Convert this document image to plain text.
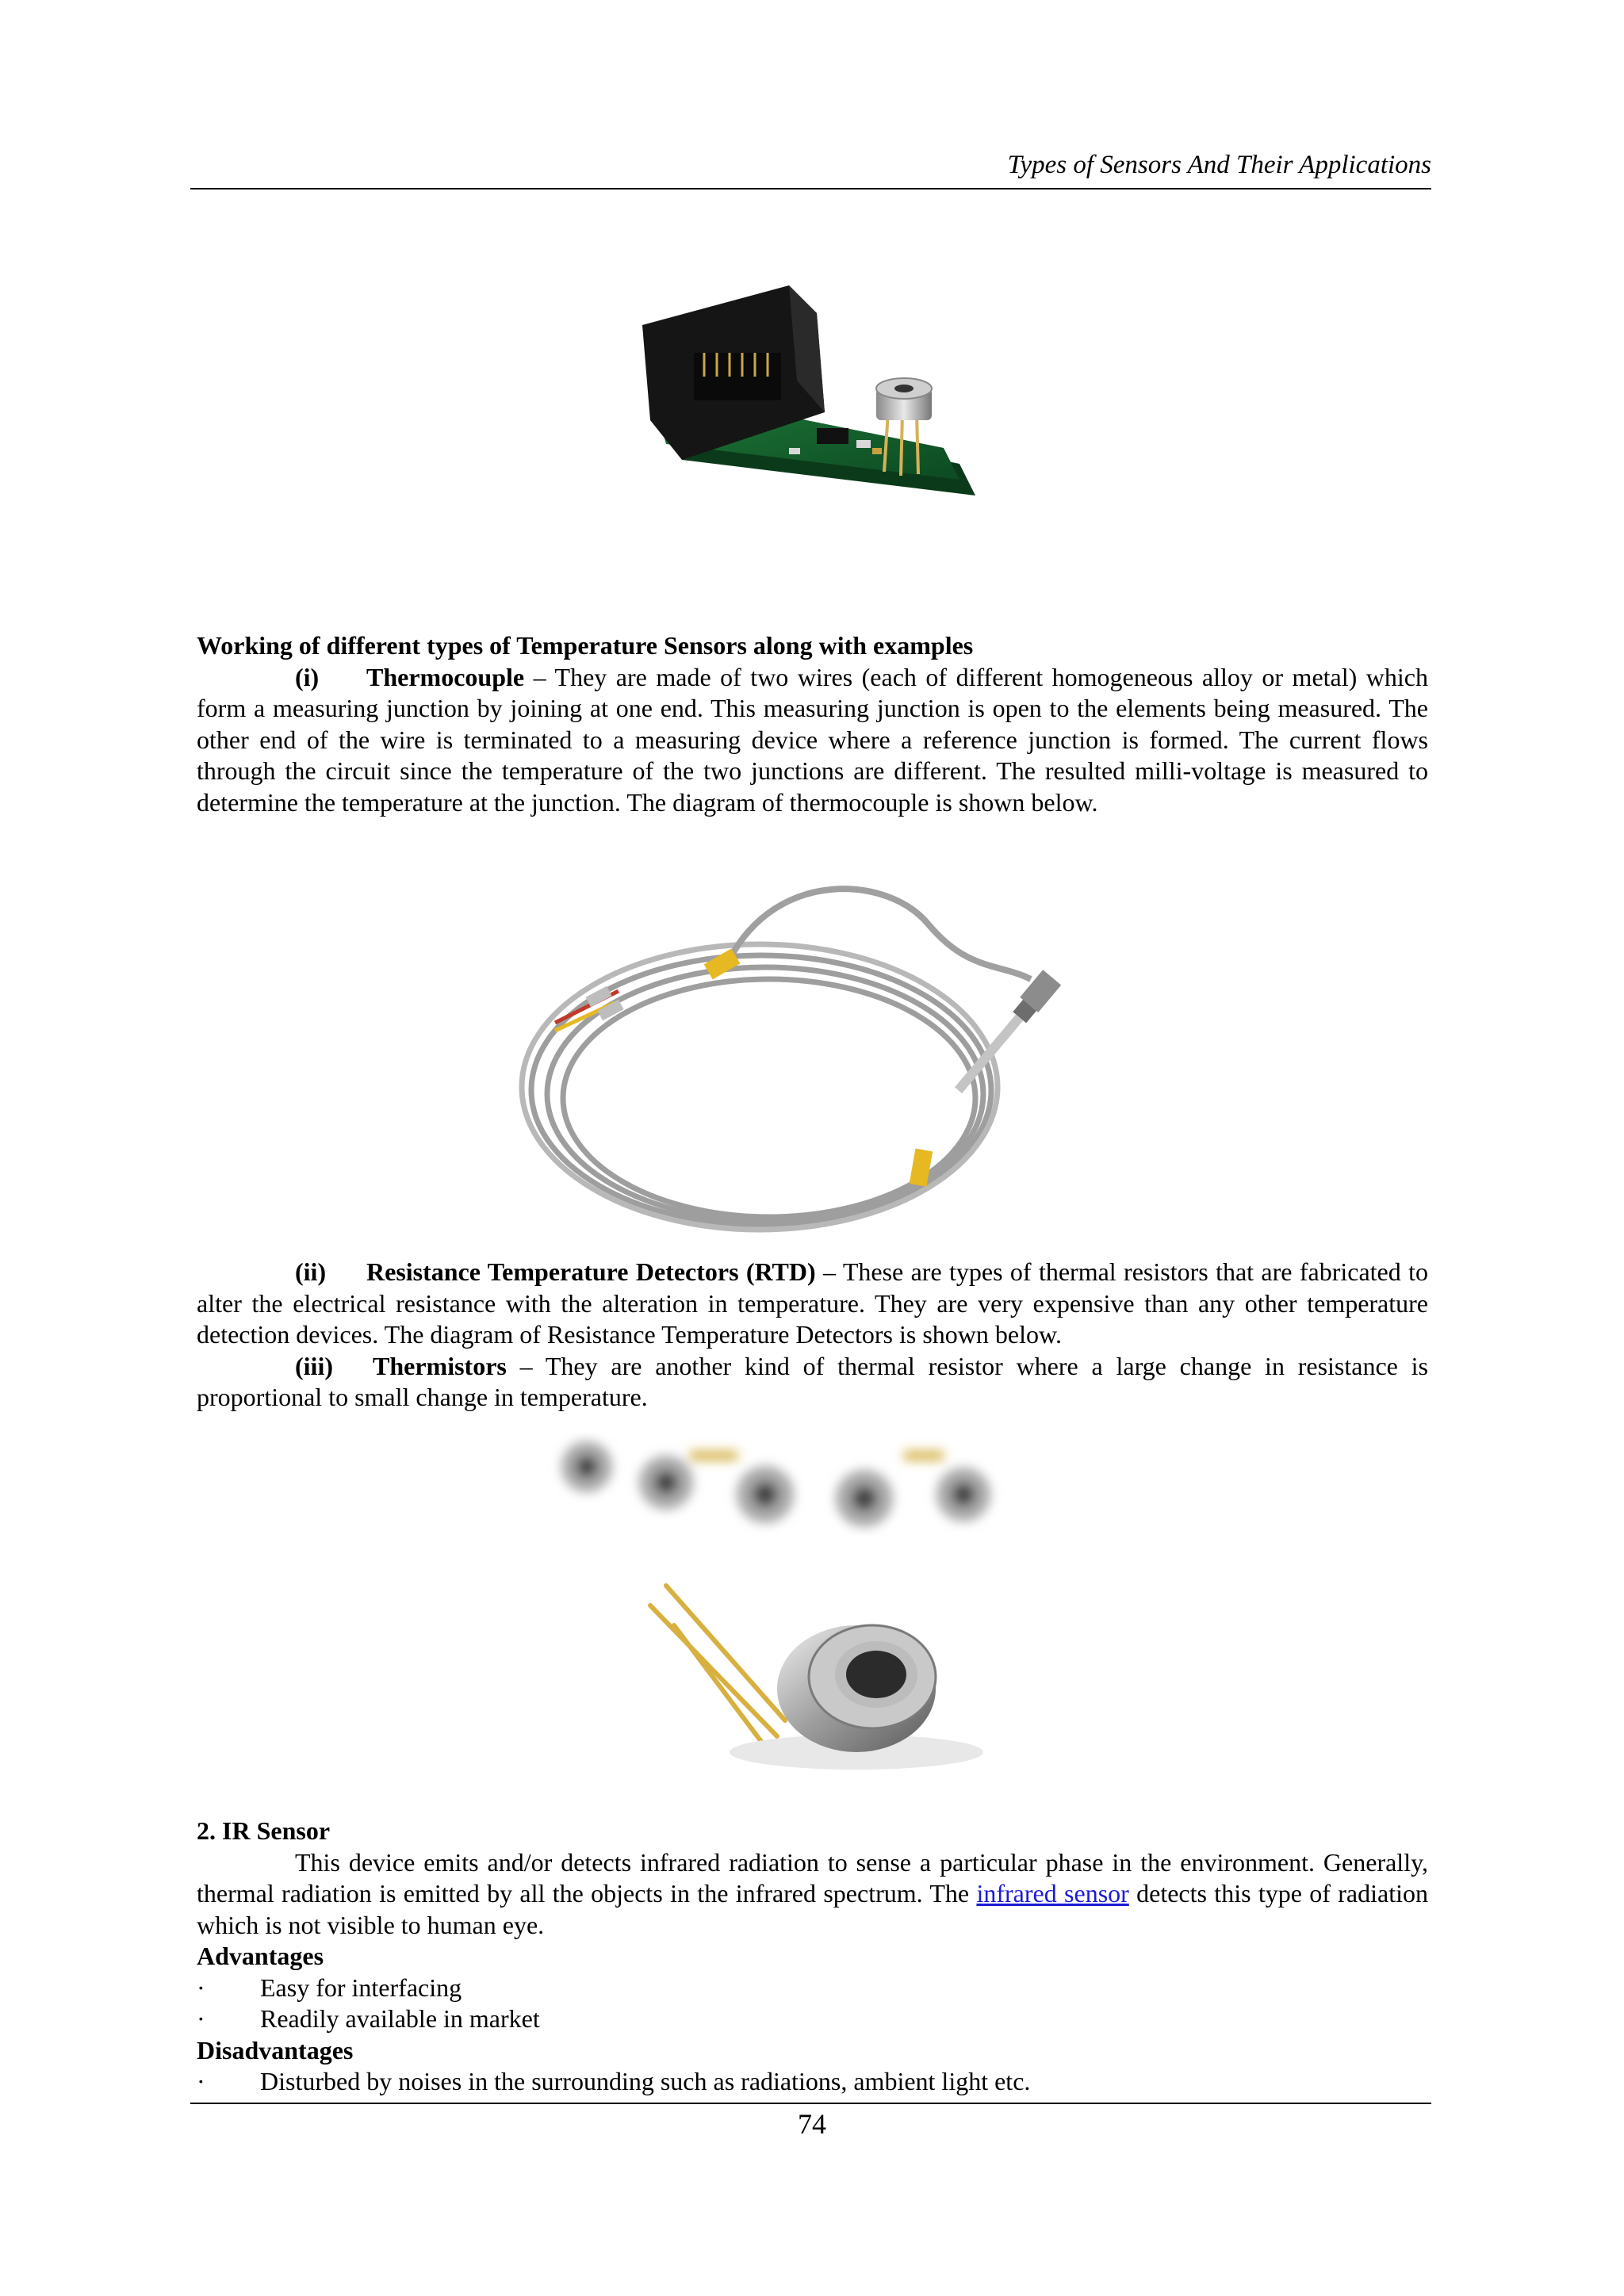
Types of Sensors And Their Applications

Working of different types of Temperature Sensors along with examples

(i) Thermocouple – They are made of two wires (each of different homogeneous alloy or metal) which form a measuring junction by joining at one end. This measuring junction is open to the elements being measured. The other end of the wire is terminated to a measuring device where a reference junction is formed. The current flows through the circuit since the temperature of the two junctions are different. The resulted milli-voltage is measured to determine the temperature at the junction. The diagram of thermocouple is shown below.

(ii) Resistance Temperature Detectors (RTD) – These are types of thermal resistors that are fabricated to alter the electrical resistance with the alteration in temperature. They are very expensive than any other temperature detection devices. The diagram of Resistance Temperature Detectors is shown below.

(iii) Thermistors – They are another kind of thermal resistor where a large change in resistance is proportional to small change in temperature.

2. IR Sensor

This device emits and/or detects infrared radiation to sense a particular phase in the environment. Generally, thermal radiation is emitted by all the objects in the infrared spectrum. The infrared sensor detects this type of radiation which is not visible to human eye.

Advantages

· Easy for interfacing
· Readily available in market

Disadvantages

· Disturbed by noises in the surrounding such as radiations, ambient light etc.
74
